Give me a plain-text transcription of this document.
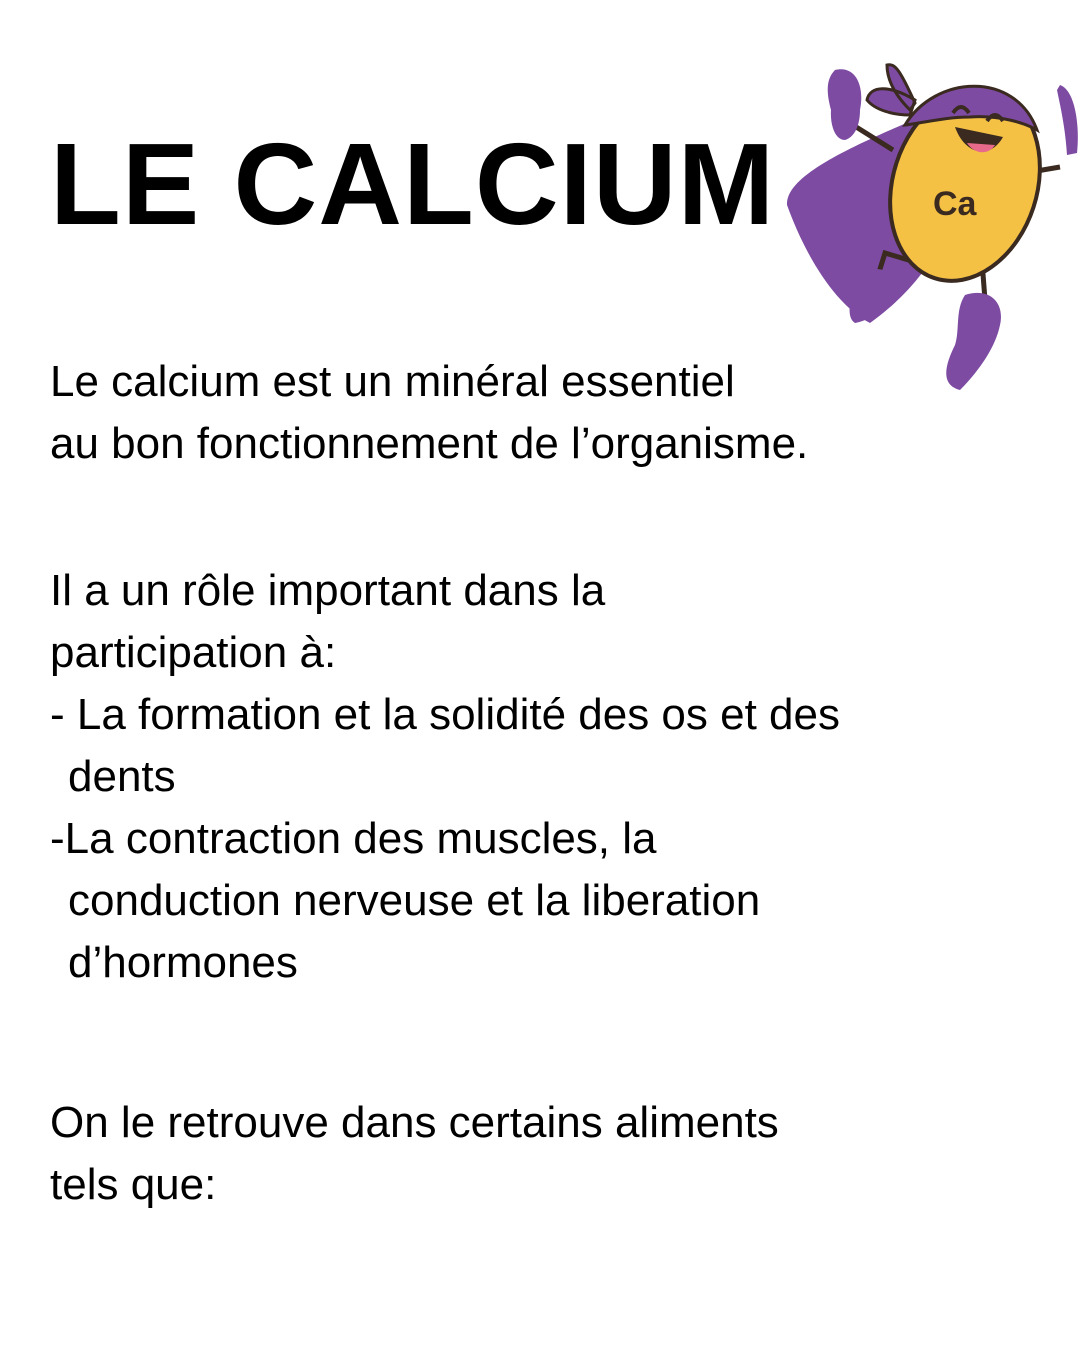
LE CALCIUM	Ca

Le calcium est un minéral essentiel
au bon fonctionnement de l’organisme.

Il a un rôle important dans la
participation à:
- La formation et la solidité des os et des
dents
-La contraction des muscles, la
conduction nerveuse et la liberation
d’hormones

On le retrouve dans certains aliments
tels que:
